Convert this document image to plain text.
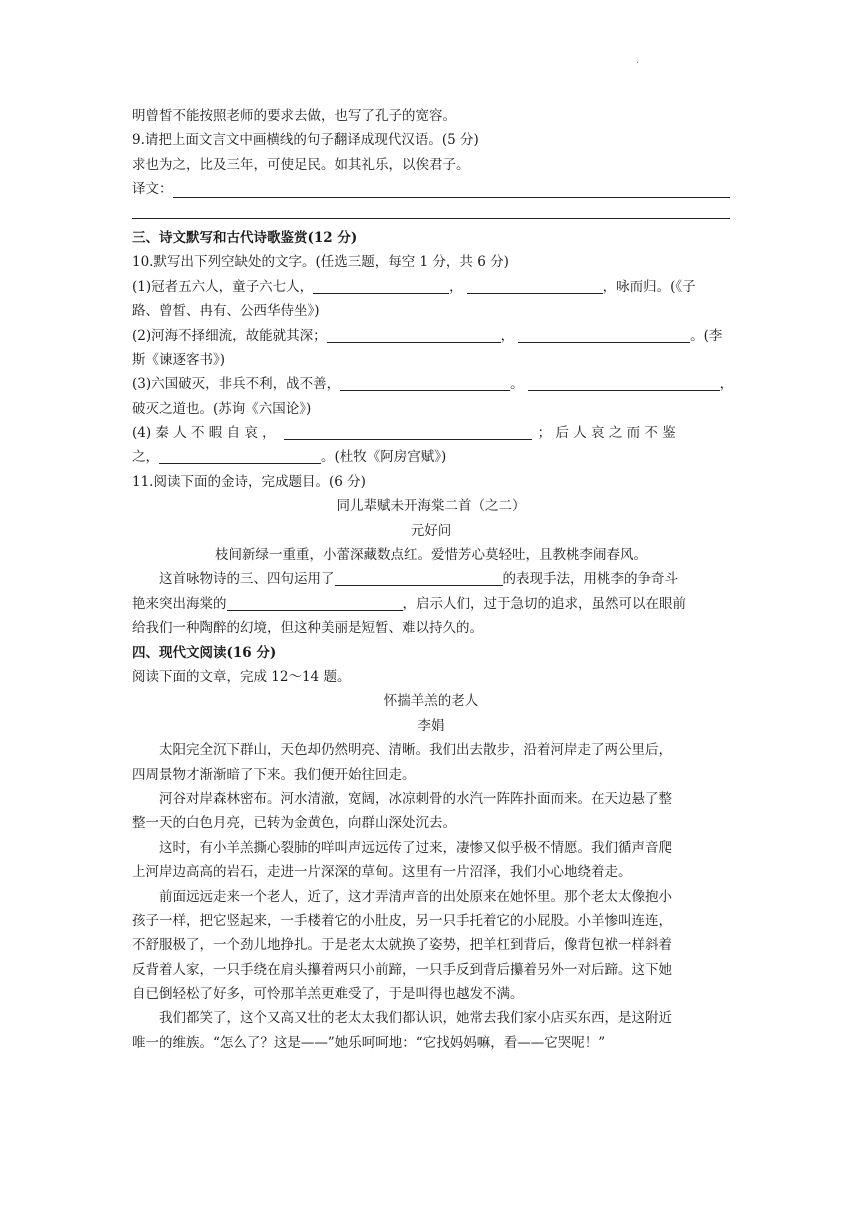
·
明曾皙不能按照老师的要求去做，也写了孔子的宽容。
9.请把上面文言文中画横线的句子翻译成现代汉语。(5 分)
求也为之，比及三年，可使足民。如其礼乐，以俟君子。
译文：
三、诗文默写和古代诗歌鉴赏(12 分)
10.默写出下列空缺处的文字。(任选三题，每空 1 分，共 6 分)
(1)冠者五六人，童子六七人，	，	，咏而归。(《子
路、曾皙、冉有、公西华侍坐》)
(2)河海不择细流，故能就其深；	，	。(李
斯《谏逐客书》)
(3)六国破灭，非兵不利，战不善，	。	，
破灭之道也。(苏询《六国论》)
(4) 秦 人 不 暇 自 哀 ，	； 后 人 哀 之 而 不 鉴
之，	。(杜牧《阿房宫赋》)
11.阅读下面的金诗，完成题目。(6 分)
同儿辈赋未开海棠二首（之二）
元好问
枝间新绿一重重，小蕾深藏数点红。爱惜芳心莫轻吐，且教桃李闹春风。
这首咏物诗的三、四句运用了	的表现手法，用桃李的争奇斗
艳来突出海棠的	，启示人们，过于急切的追求，虽然可以在眼前
给我们一种陶醉的幻境，但这种美丽是短暂、难以持久的。
四、现代文阅读(16 分)
阅读下面的文章，完成 12～14 题。
怀揣羊羔的老人
李娟
太阳完全沉下群山，天色却仍然明亮、清晰。我们出去散步，沿着河岸走了两公里后，
四周景物才渐渐暗了下来。我们便开始往回走。
河谷对岸森林密布。河水清澈，宽阔，冰凉刺骨的水汽一阵阵扑面而来。在天边悬了整
整一天的白色月亮，已转为金黄色，向群山深处沉去。
这时，有小羊羔撕心裂肺的咩叫声远远传了过来，凄惨又似乎极不情愿。我们循声音爬
上河岸边高高的岩石，走进一片深深的草甸。这里有一片沼泽，我们小心地绕着走。
前面远远走来一个老人，近了，这才弄清声音的出处原来在她怀里。那个老太太像抱小
孩子一样，把它竖起来，一手楼着它的小肚皮，另一只手托着它的小屁股。小羊惨叫连连，
不舒服极了，一个劲儿地挣扎。于是老太太就换了姿势，把羊杠到背后，像背包袱一样斜着
反背着人家，一只手绕在肩头攥着两只小前蹄，一只手反到背后攥着另外一对后蹄。这下她
自已倒轻松了好多，可怜那羊羔更难受了，于是叫得也越发不满。
我们都笑了，这个又高又壮的老太太我们都认识，她常去我们家小店买东西，是这附近
唯一的维族。“怎么了？这是——”她乐呵呵地：“它找妈妈嘛，看——它哭呢！”
